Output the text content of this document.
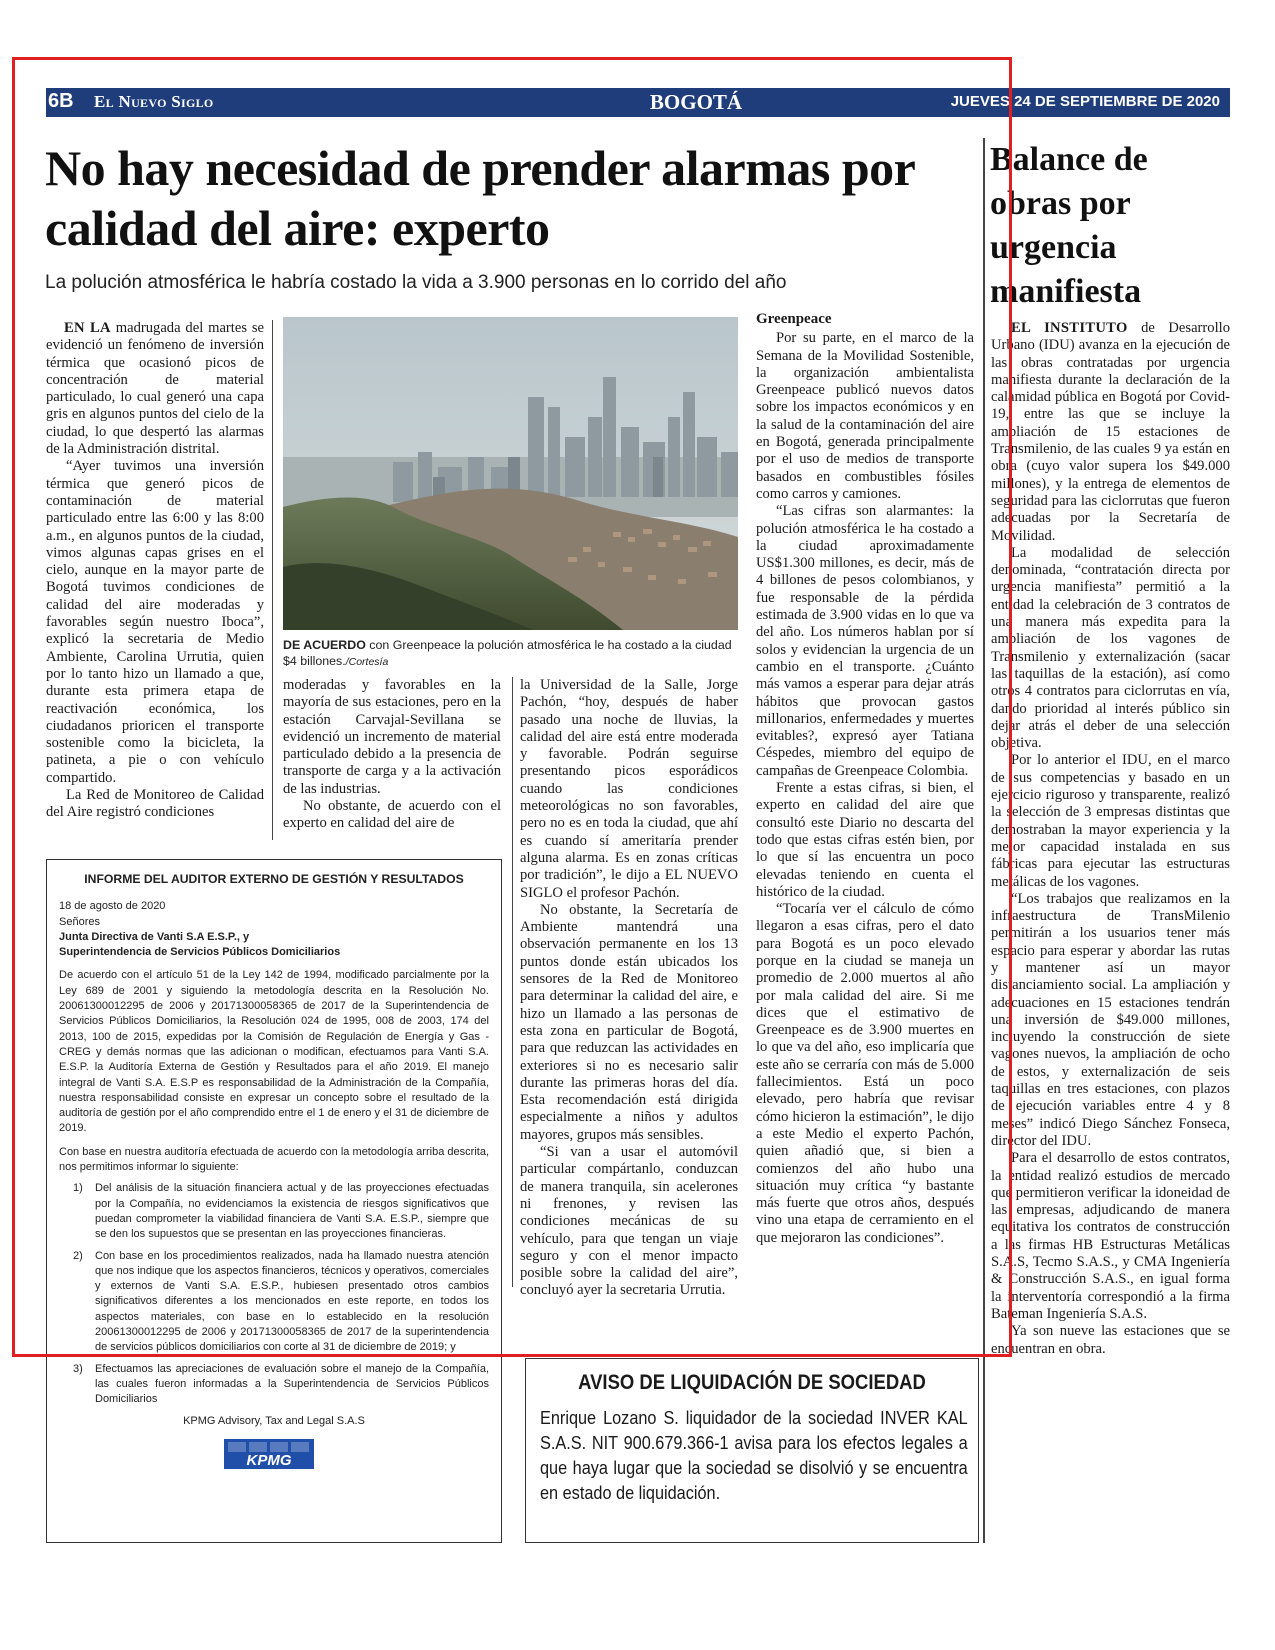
6B El Nuevo Siglo	BOGOTÁ	JUEVES 24 DE SEPTIEMBRE DE 2020
No hay necesidad de prender alarmas por calidad del aire: experto
La polución atmosférica le habría costado la vida a 3.900 personas en lo corrido del año

EN LA madrugada del martes se evidenció un fenómeno de inversión térmica que ocasionó picos de concentración de material particulado, lo cual generó una capa gris en algunos puntos del cielo de la ciudad, lo que despertó las alarmas de la Administración distrital.

“Ayer tuvimos una inversión térmica que generó picos de contaminación de material particulado entre las 6:00 y las 8:00 a.m., en algunos puntos de la ciudad, vimos algunas capas grises en el cielo, aunque en la mayor parte de Bogotá tuvimos condiciones de calidad del aire moderadas y favorables según nuestro Iboca”, explicó la secretaria de Medio Ambiente, Carolina Urrutia, quien por lo tanto hizo un llamado a que, durante esta primera etapa de reactivación económica, los ciudadanos prioricen el transporte sostenible como la bicicleta, la patineta, a pie o con vehículo compartido.

La Red de Monitoreo de Calidad del Aire registró condiciones

DE ACUERDO con Greenpeace la polución atmosférica le ha costado a la ciudad $4 billones./Cortesía

moderadas y favorables en la mayoría de sus estaciones, pero en la estación Carvajal-Sevillana se evidenció un incremento de material particulado debido a la presencia de transporte de carga y a la activación de las industrias.

No obstante, de acuerdo con el experto en calidad del aire de

la Universidad de la Salle, Jorge Pachón, “hoy, después de haber pasado una noche de lluvias, la calidad del aire está entre moderada y favorable. Podrán seguirse presentando picos esporádicos cuando las condiciones meteorológicas no son favorables, pero no es en toda la ciudad, que ahí es cuando sí ameritaría prender alguna alarma. Es en zonas críticas por tradición”, le dijo a EL NUEVO SIGLO el profesor Pachón.

No obstante, la Secretaría de Ambiente mantendrá una observación permanente en los 13 puntos donde están ubicados los sensores de la Red de Monitoreo para determinar la calidad del aire, e hizo un llamado a las personas de esta zona en particular de Bogotá, para que reduzcan las actividades en exteriores si no es necesario salir durante las primeras horas del día. Esta recomendación está dirigida especialmente a niños y adultos mayores, grupos más sensibles.

“Si van a usar el automóvil particular compártanlo, conduzcan de manera tranquila, sin acelerones ni frenones, y revisen las condiciones mecánicas de su vehículo, para que tengan un viaje seguro y con el menor impacto posible sobre la calidad del aire”, concluyó ayer la secretaria Urrutia.

Greenpeace

Por su parte, en el marco de la Semana de la Movilidad Sostenible, la organización ambientalista Greenpeace publicó nuevos datos sobre los impactos económicos y en la salud de la contaminación del aire en Bogotá, generada principalmente por el uso de medios de transporte basados en combustibles fósiles como carros y camiones.

“Las cifras son alarmantes: la polución atmosférica le ha costado a la ciudad aproximadamente US$1.300 millones, es decir, más de 4 billones de pesos colombianos, y fue responsable de la pérdida estimada de 3.900 vidas en lo que va del año. Los números hablan por sí solos y evidencian la urgencia de un cambio en el transporte. ¿Cuánto más vamos a esperar para dejar atrás hábitos que provocan gastos millonarios, enfermedades y muertes evitables?, expresó ayer Tatiana Céspedes, miembro del equipo de campañas de Greenpeace Colombia.

Frente a estas cifras, si bien, el experto en calidad del aire que consultó este Diario no descarta del todo que estas cifras estén bien, por lo que sí las encuentra un poco elevadas teniendo en cuenta el histórico de la ciudad.

“Tocaría ver el cálculo de cómo llegaron a esas cifras, pero el dato para Bogotá es un poco elevado porque en la ciudad se maneja un promedio de 2.000 muertos al año por mala calidad del aire. Si me dices que el estimativo de Greenpeace es de 3.900 muertes en lo que va del año, eso implicaría que este año se cerraría con más de 5.000 fallecimientos. Está un poco elevado, pero habría que revisar cómo hicieron la estimación”, le dijo a este Medio el experto Pachón, quien añadió que, si bien a comienzos del año hubo una situación muy crítica “y bastante más fuerte que otros años, después vino una etapa de cerramiento en el que mejoraron las condiciones”.

INFORME DEL AUDITOR EXTERNO DE GESTIÓN Y RESULTADOS
18 de agosto de 2020
Señores
Junta Directiva de Vanti S.A E.S.P., y
Superintendencia de Servicios Públicos Domiciliarios
De acuerdo con el artículo 51 de la Ley 142 de 1994, modificado parcialmente por la Ley 689 de 2001 y siguiendo la metodología descrita en la Resolución No. 20061300012295 de 2006 y 20171300058365 de 2017 de la Superintendencia de Servicios Públicos Domiciliarios, la Resolución 024 de 1995, 008 de 2003, 174 del 2013, 100 de 2015, expedidas por la Comisión de Regulación de Energía y Gas - CREG y demás normas que las adicionan o modifican, efectuamos para Vanti S.A. E.S.P. la Auditoría Externa de Gestión y Resultados para el año 2019. El manejo integral de Vanti S.A. E.S.P es responsabilidad de la Administración de la Compañía, nuestra responsabilidad consiste en expresar un concepto sobre el resultado de la auditoría de gestión por el año comprendido entre el 1 de enero y el 31 de diciembre de 2019.
Con base en nuestra auditoría efectuada de acuerdo con la metodología arriba descrita, nos permitimos informar lo siguiente:
1)	Del análisis de la situación financiera actual y de las proyecciones efectuadas por la Compañía, no evidenciamos la existencia de riesgos significativos que puedan comprometer la viabilidad financiera de Vanti S.A. E.S.P., siempre que se den los supuestos que se presentan en las proyecciones financieras.
2)	Con base en los procedimientos realizados, nada ha llamado nuestra atención que nos indique que los aspectos financieros, técnicos y operativos, comerciales y externos de Vanti S.A. E.S.P., hubiesen presentado otros cambios significativos diferentes a los mencionados en este reporte, en todos los aspectos materiales, con base en lo establecido en la resolución 20061300012295 de 2006 y 20171300058365 de 2017 de la superintendencia de servicios públicos domiciliarios con corte al 31 de diciembre de 2019; y
3)	Efectuamos las apreciaciones de evaluación sobre el manejo de la Compañía, las cuales fueron informadas a la Superintendencia de Servicios Públicos Domiciliarios
KPMG Advisory, Tax and Legal S.A.S
KPMG
AVISO DE LIQUIDACIÓN DE SOCIEDAD
Enrique Lozano S. liquidador de la sociedad INVER KAL S.A.S. NIT 900.679.366-1 avisa para los efectos legales a que haya lugar que la sociedad se disolvió y se encuentra en estado de liquidación.
Balance de obras por urgencia manifiesta

EL INSTITUTO de Desarrollo Urbano (IDU) avanza en la ejecución de las obras contratadas por urgencia manifiesta durante la declaración de la calamidad pública en Bogotá por Covid-19, entre las que se incluye la ampliación de 15 estaciones de Transmilenio, de las cuales 9 ya están en obra (cuyo valor supera los $49.000 millones), y la entrega de elementos de seguridad para las ciclorrutas que fueron adecuadas por la Secretaría de Movilidad.

La modalidad de selección denominada, “contratación directa por urgencia manifiesta” permitió a la entidad la celebración de 3 contratos de una manera más expedita para la ampliación de los vagones de Transmilenio y externalización (sacar las taquillas de la estación), así como otros 4 contratos para ciclorrutas en vía, dando prioridad al interés público sin dejar atrás el deber de una selección objetiva.

Por lo anterior el IDU, en el marco de sus competencias y basado en un ejercicio riguroso y transparente, realizó la selección de 3 empresas distintas que demostraban la mayor experiencia y la mejor capacidad instalada en sus fábricas para ejecutar las estructuras metálicas de los vagones.

“Los trabajos que realizamos en la infraestructura de TransMilenio permitirán a los usuarios tener más espacio para esperar y abordar las rutas y mantener así un mayor distanciamiento social. La ampliación y adecuaciones en 15 estaciones tendrán una inversión de $49.000 millones, incluyendo la construcción de siete vagones nuevos, la ampliación de ocho de estos, y externalización de seis taquillas en tres estaciones, con plazos de ejecución variables entre 4 y 8 meses” indicó Diego Sánchez Fonseca, director del IDU.

Para el desarrollo de estos contratos, la entidad realizó estudios de mercado que permitieron verificar la idoneidad de las empresas, adjudicando de manera equitativa los contratos de construcción a las firmas HB Estructuras Metálicas S.A.S, Tecmo S.A.S., y CMA Ingeniería & Construcción S.A.S., en igual forma la interventoría correspondió a la firma Bateman Ingeniería S.A.S.

Ya son nueve las estaciones que se encuentran en obra.
